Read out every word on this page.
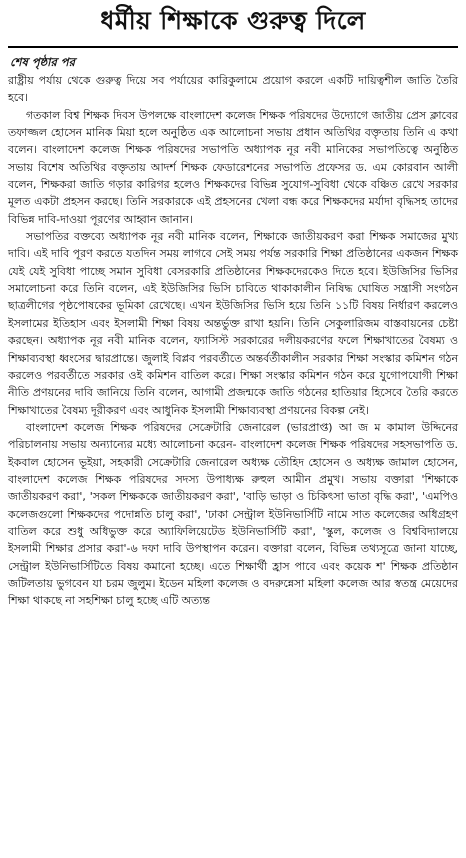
ধর্মীয় শিক্ষাকে গুরুত্ব দিলে
শেষ পৃষ্ঠার পর

রাষ্ট্রীয় পর্যায় থেকে গুরুত্ব দিয়ে সব পর্যায়ের কারিকুলামে প্রয়োগ করলে একটি দায়িত্বশীল জাতি তৈরি হবে।

গতকাল বিশ্ব শিক্ষক দিবস উপলক্ষে বাংলাদেশ কলেজ শিক্ষক পরিষদের উদ্যোগে জাতীয় প্রেস ক্লাবের তফাজ্জল হোসেন মানিক মিয়া হলে অনুষ্ঠিত এক আলোচনা সভায় প্রধান অতিথির বক্তৃতায় তিনি এ কথা বলেন। বাংলাদেশ কলেজ শিক্ষক পরিষদের সভাপতি অধ্যাপক নূর নবী মানিকের সভাপতিত্বে অনুষ্ঠিত সভায় বিশেষ অতিথির বক্তৃতায় আদর্শ শিক্ষক ফেডারেশনের সভাপতি প্রফেসর ড. এম কোরবান আলী বলেন, শিক্ষকরা জাতি গড়ার কারিগর হলেও শিক্ষকদের বিভিন্ন সুযোগ-সুবিধা থেকে বঞ্চিত রেখে সরকার মূলত একটা প্রহসন করছে। তিনি সরকারকে এই প্রহসনের খেলা বন্ধ করে শিক্ষকদের মর্যাদা বৃদ্ধিসহ তাদের বিভিন্ন দাবি-দাওয়া পূরণের আহ্বান জানান।

সভাপতির বক্তব্যে অধ্যাপক নূর নবী মানিক বলেন, শিক্ষাকে জাতীয়করণ করা শিক্ষক সমাজের মুখ্য দাবি। এই দাবি পূরণ করতে যতদিন সময় লাগবে সেই সময় পর্যন্ত সরকারি শিক্ষা প্রতিষ্ঠানের একজন শিক্ষক যেই যেই সুবিধা পাচ্ছে সমান সুবিধা বেসরকারি প্রতিষ্ঠানের শিক্ষকদেরকেও দিতে হবে। ইউজিসির ভিসির সমালোচনা করে তিনি বলেন, এই ইউজিসির ভিসি চাবিতে থাকাকালীন নিষিদ্ধ ঘোষিত সন্ত্রাসী সংগঠন ছাত্রলীগের পৃষ্ঠপোষকের ভূমিকা রেখেছে। এখন ইউজিসির ভিসি হয়ে তিনি ১১টি বিষয় নির্ধারণ করলেও ইসলামের ইতিহাস এবং ইসলামী শিক্ষা বিষয় অন্তর্ভুক্ত রাখা হয়নি। তিনি সেকুলারিজম বাস্তবায়নের চেষ্টা করছেন। অধ্যাপক নূর নবী মানিক বলেন, ফ্যাসিস্ট সরকারের দলীয়করণের ফলে শিক্ষাখাতের বৈষম্য ও শিক্ষাব্যবস্থা ধ্বংসের দ্বারপ্রান্তে। জুলাই বিপ্লব পরবর্তীতে অন্তর্বর্তীকালীন সরকার শিক্ষা সংস্কার কমিশন গঠন করলেও পরবর্তীতে সরকার ওই কমিশন বাতিল করে। শিক্ষা সংস্কার কমিশন গঠন করে যুগোপযোগী শিক্ষা নীতি প্রণয়নের দাবি জানিয়ে তিনি বলেন, আগামী প্রজন্মকে জাতি গঠনের হাতিয়ার হিসেবে তৈরি করতে শিক্ষাখাতের বৈষম্য দূরীকরণ এবং আধুনিক ইসলামী শিক্ষাব্যবস্থা প্রণয়নের বিকল্প নেই।

বাংলাদেশ কলেজ শিক্ষক পরিষদের সেক্রেটারি জেনারেল (ভারপ্রাপ্ত) আ জ ম কামাল উদ্দিনের পরিচালনায় সভায় অন্যান্যের মধ্যে আলোচনা করেন- বাংলাদেশ কলেজ শিক্ষক পরিষদের সহসভাপতি ড. ইকবাল হোসেন ভূইয়া, সহকারী সেক্রেটারি জেনারেল অধ্যক্ষ তৌহিদ হোসেন ও অধ্যক্ষ জামাল হোসেন, বাংলাদেশ কলেজ শিক্ষক পরিষদের সদস্য উপাধ্যক্ষ রুহুল আমীন প্রমুখ। সভায় বক্তারা 'শিক্ষাকে জাতীয়করণ করা', 'সকল শিক্ষককে জাতীয়করণ করা', 'বাড়ি ভাড়া ও চিকিৎসা ভাতা বৃদ্ধি করা', 'এমপিও কলেজগুলো শিক্ষকদের পদোন্নতি চালু করা', 'ঢাকা সেন্ট্রাল ইউনিভার্সিটি নামে সাত কলেজের অধিগ্রহণ বাতিল করে শুধু অধিভুক্ত করে অ্যাফিলিয়েটেড ইউনিভার্সিটি করা', 'স্কুল, কলেজ ও বিশ্ববিদ্যালয়ে ইসলামী শিক্ষার প্রসার করা'-৬ দফা দাবি উপস্থাপন করেন। বক্তারা বলেন, বিভিন্ন তথ্যসূত্রে জানা যাচ্ছে, সেন্ট্রাল ইউনিভার্সিটিতে বিষয় কমানো হচ্ছে। এতে শিক্ষার্থী হ্রাস পাবে এবং কয়েক শ' শিক্ষক প্রতিষ্ঠান জটিলতায় ভুগবেন যা চরম জুলুম। ইডেন মহিলা কলেজ ও বদরুন্নেসা মহিলা কলেজ আর স্বতন্ত্র মেয়েদের শিক্ষা থাকছে না সহশিক্ষা চালু হচ্ছে এটি অত্যন্ত
